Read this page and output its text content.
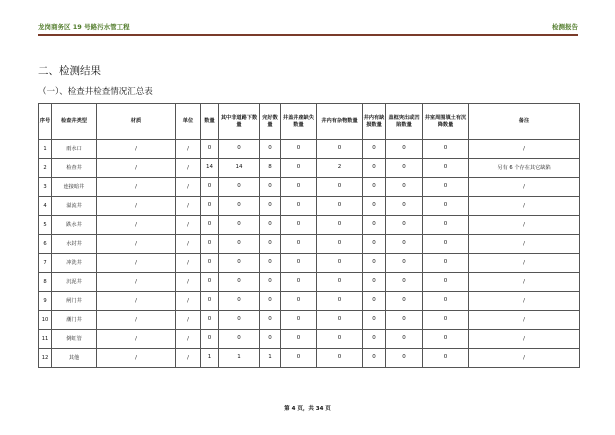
龙岗商务区 19 号路污水管工程	检测报告
二、检测结果
（一）、检查井检查情况汇总表
序号	检查井类型	材质	单位	数量	其中非道路下数量	完好数量	井盖井座缺失数量	井内有杂物数量	井内有缺损数量	盖框突出或凹陷数量	井室周围填土有沉降数量	备注
1	雨水口	/	/	0	0	0	0	0	0	0	0	/
2	检查井	/	/	14	14	8	0	2	0	0	0	另有 6 个存在其它缺陷
3	连接暗井	/	/	0	0	0	0	0	0	0	0	/
4	溢流井	/	/	0	0	0	0	0	0	0	0	/
5	跌水井	/	/	0	0	0	0	0	0	0	0	/
6	水封井	/	/	0	0	0	0	0	0	0	0	/
7	冲洗井	/	/	0	0	0	0	0	0	0	0	/
8	沉泥井	/	/	0	0	0	0	0	0	0	0	/
9	闸门井	/	/	0	0	0	0	0	0	0	0	/
10	潮门井	/	/	0	0	0	0	0	0	0	0	/
11	倒虹管	/	/	0	0	0	0	0	0	0	0	/
12	其他	/	/	1	1	1	0	0	0	0	0	/
第 4 页，共 34 页
